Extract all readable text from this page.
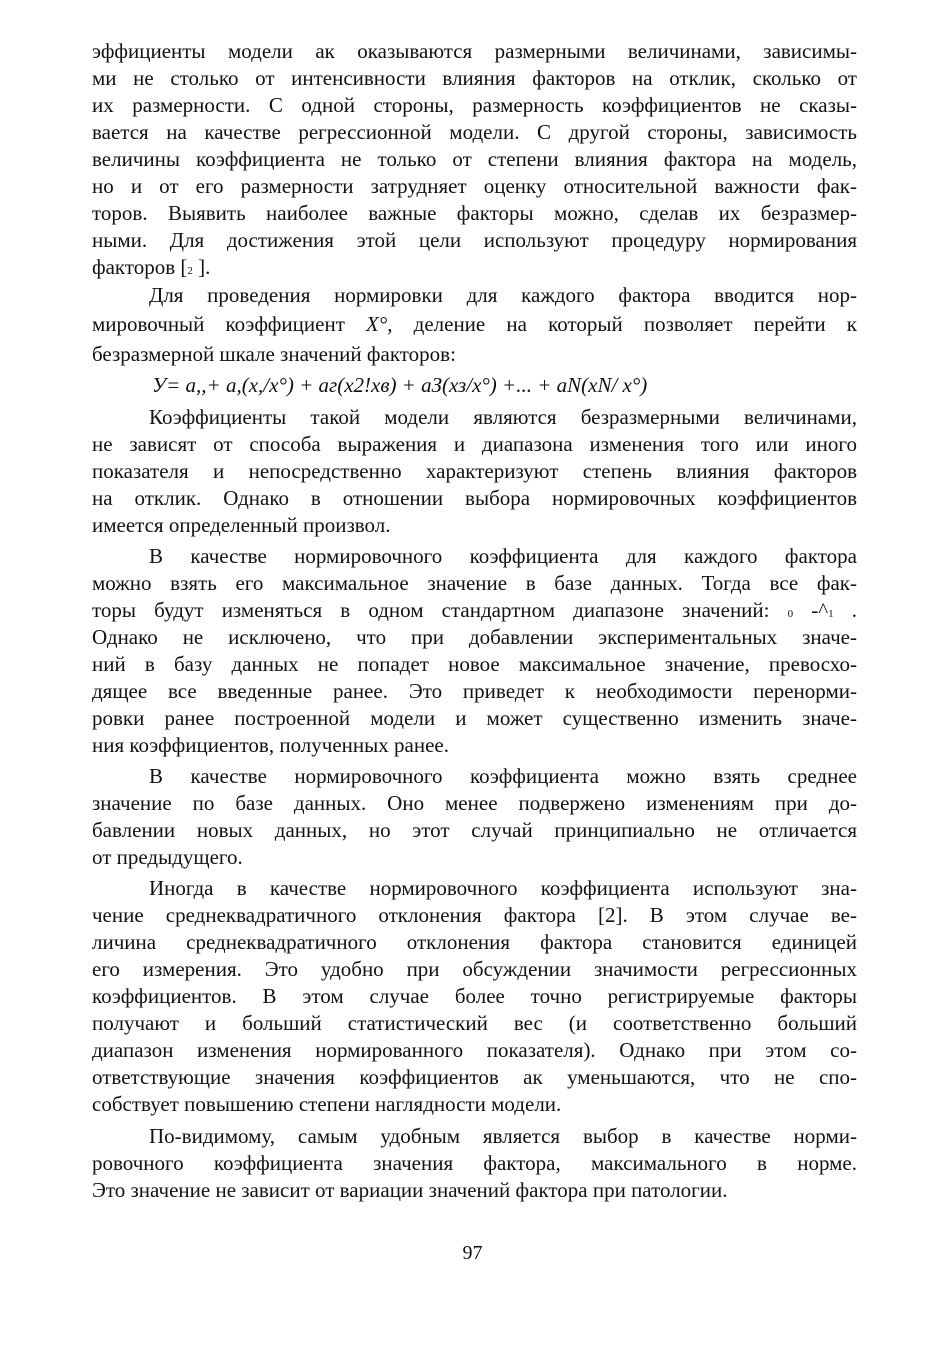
эффициенты модели ак оказываются размерными величинами, зависимы-
ми не столько от интенсивности влияния факторов на отклик, сколько от
их размерности. С одной стороны, размерность коэффициентов не сказы-
вается на качестве регрессионной модели. С другой стороны, зависимость
величины коэффициента не только от степени влияния фактора на модель,
но и от его размерности затрудняет оценку относительной важности фак-
торов. Выявить наиболее важные факторы можно, сделав их безразмер-
ными. Для достижения этой цели используют процедуру нормирования
факторов [2 ].
Для проведения нормировки для каждого фактора вводится нор-
мировочный коэффициент X°, деление на который позволяет перейти к
безразмерной шкале значений факторов:
У= а,,+ а,(х,/х°) + аг(х2!хв) + аЗ(хз/х°) +... + аN(хN/ х°)
Коэффициенты такой модели являются безразмерными величинами,
не зависят от способа выражения и диапазона изменения того или иного
показателя и непосредственно характеризуют степень влияния факторов
на отклик. Однако в отношении выбора нормировочных коэффициентов
имеется определенный произвол.
В качестве нормировочного коэффициента для каждого фактора
можно взять его максимальное значение в базе данных. Тогда все фак-
торы будут изменяться в одном стандартном диапазоне значений: 0 -^1 .
Однако не исключено, что при добавлении экспериментальных значе-
ний в базу данных не попадет новое максимальное значение, превосхо-
дящее все введенные ранее. Это приведет к необходимости перенорми-
ровки ранее построенной модели и может существенно изменить значе-
ния коэффициентов, полученных ранее.
В качестве нормировочного коэффициента можно взять среднее
значение по базе данных. Оно менее подвержено изменениям при до-
бавлении новых данных, но этот случай принципиально не отличается
от предыдущего.
Иногда в качестве нормировочного коэффициента используют зна-
чение среднеквадратичного отклонения фактора [2]. В этом случае ве-
личина среднеквадратичного отклонения фактора становится единицей
его измерения. Это удобно при обсуждении значимости регрессионных
коэффициентов. В этом случае более точно регистрируемые факторы
получают и больший статистический вес (и соответственно больший
диапазон изменения нормированного показателя). Однако при этом со-
ответствующие значения коэффициентов ак уменьшаются, что не спо-
собствует повышению степени наглядности модели.
По-видимому, самым удобным является выбор в качестве норми-
ровочного коэффициента значения фактора, максимального в норме.
Это значение не зависит от вариации значений фактора при патологии.
97
